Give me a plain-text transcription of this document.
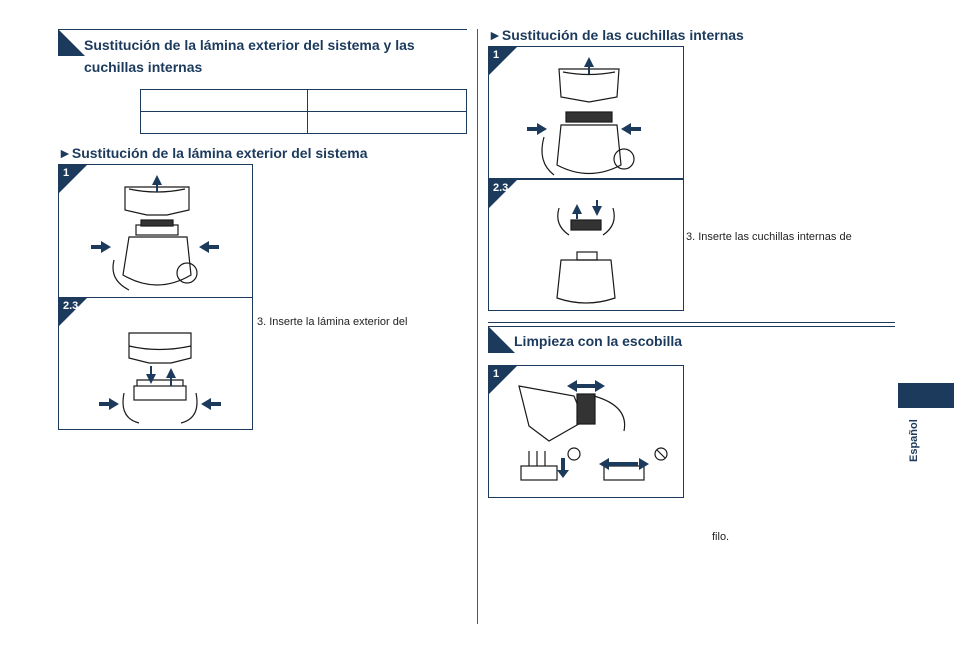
Sustitución de la lámina exterior del sistema y las
cuchillas internas

►Sustitución de la lámina exterior del sistema
1
2.3
3. Inserte la lámina exterior del
►Sustitución de las cuchillas internas
1
2.3
3. Inserte las cuchillas internas de
Limpieza con la escobilla
1
filo.
Español
